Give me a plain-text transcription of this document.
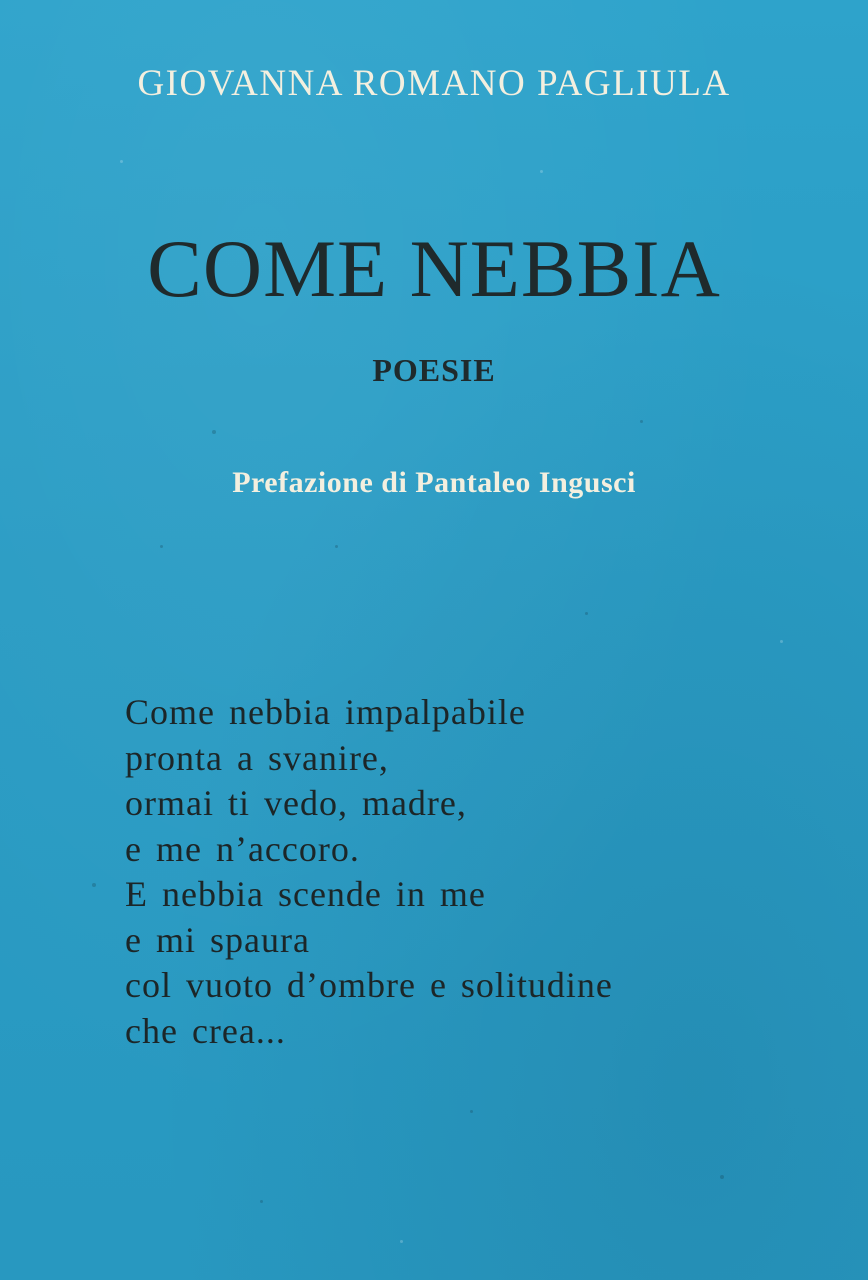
GIOVANNA ROMANO PAGLIULA
COME NEBBIA
POESIE
Prefazione di Pantaleo Ingusci
Come nebbia impalpabile
pronta a svanire,
ormai ti vedo, madre,
e me n’accoro.
E nebbia scende in me
e mi spaura
col vuoto d’ombre e solitudine
che crea...
